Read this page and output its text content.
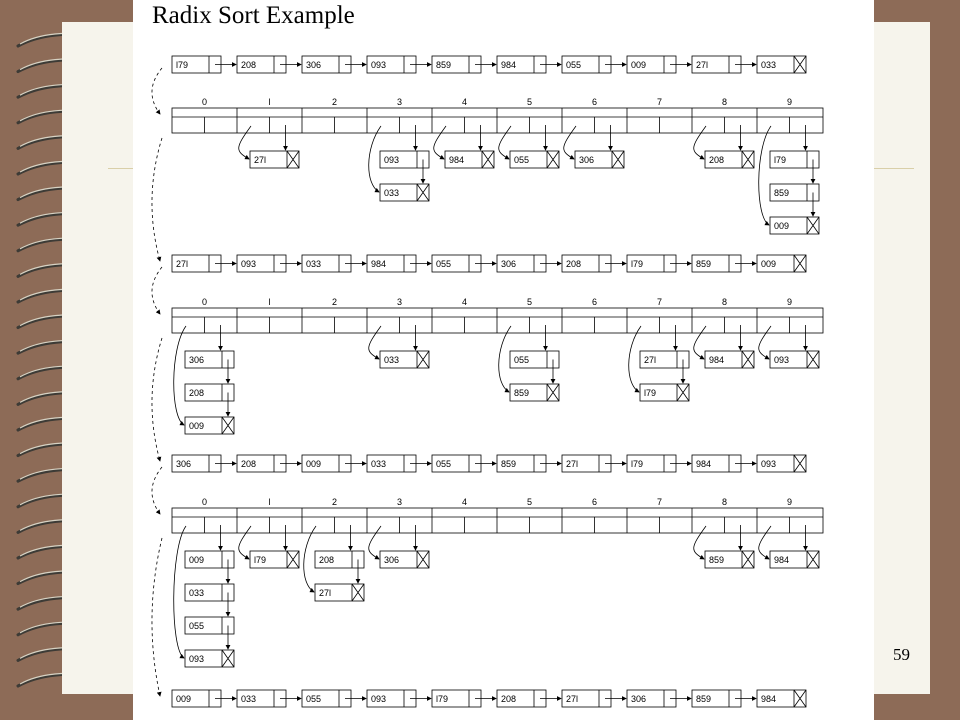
Radix Sort Example
l79	208	306	093	859	984	055	009	27l	033
0	l	2	3	4	5	6	7	8	9
27l	093
033
984	055	306	208	l79
859
009
27l	093	033	984	055	306	208	l79	859	009
0	l	2	3	4	5	6	7	8	9
306
208
009
033	055
859
27l
l79
984	093
306	208	009	033	055	859	27l	l79	984	093
0	l	2	3	4	5	6	7	8	9
009
033
055
093
l79	208
27l
306	859	984
009	033	055	093	l79	208	27l	306	859	984
59
